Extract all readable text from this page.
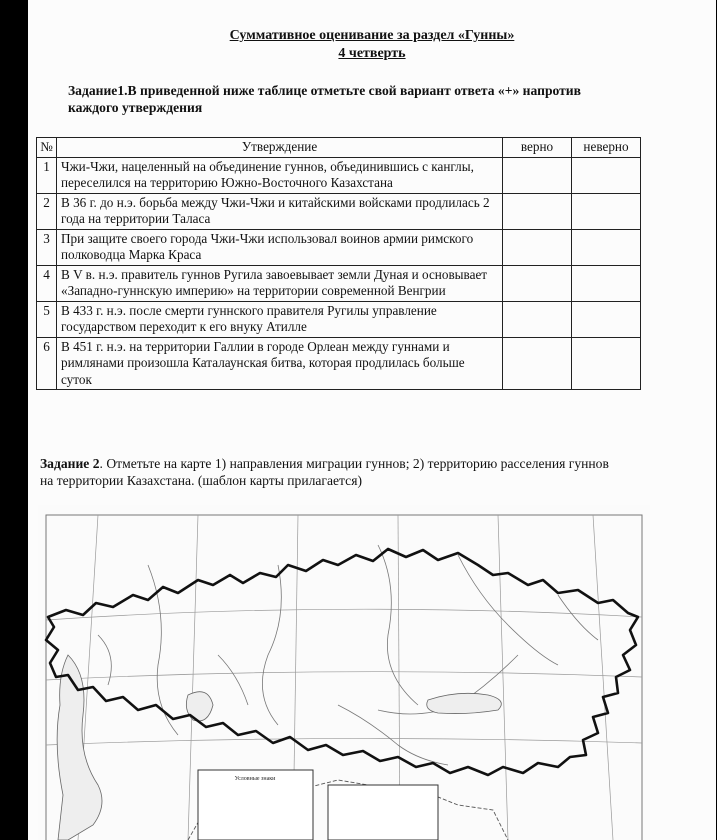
Суммативное оценивание за раздел «Гунны»
4 четверть
Задание1.В приведенной ниже таблице отметьте свой вариант ответа «+» напротив каждого утверждения
№	Утверждение	верно	неверно
1	Чжи-Чжи, нацеленный на объединение гуннов, объединившись с канглы, переселился на территорию Южно-Восточного Казахстана		
2	В 36 г. до н.э. борьба между Чжи-Чжи и китайскими войсками продлилась 2 года на территории Таласа		
3	При защите своего города Чжи-Чжи использовал воинов армии римского полководца Марка Краса		
4	В V в. н.э. правитель гуннов Ругила завоевывает земли Дуная и основывает «Западно-гуннскую империю» на территории современной Венгрии		
5	В 433 г. н.э. после смерти гуннского правителя Ругилы управление государством переходит к его внуку Атилле		
6	В 451 г. н.э. на территории Галлии в городе Орлеан между гуннами и римлянами произошла Каталаунская битва, которая продлилась больше суток		
Задание 2. Отметьте на карте 1) направления миграции гуннов; 2) территорию расселения гуннов на территории Казахстана. (шаблон карты прилагается)
Условные знаки
